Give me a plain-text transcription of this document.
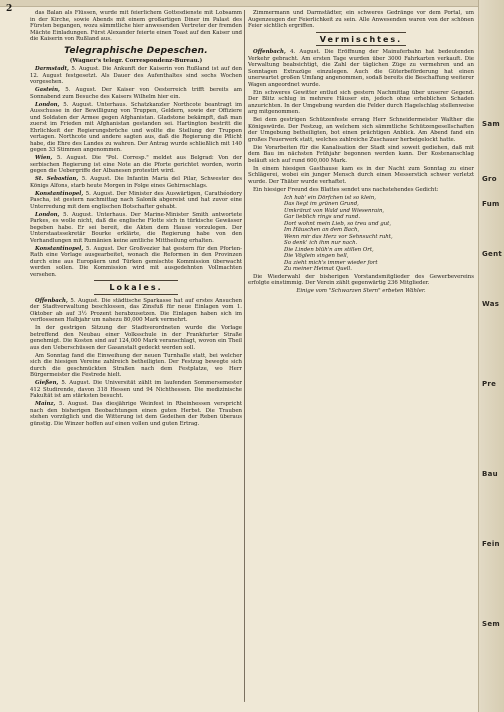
2	das Balan als Flüssen, wurde mit feierlichem Gottesdienste mit Lobsamm in der Kirche, sowie Abends mit einem großartigen Diner im Palast des Fürsten begangen, wozu sämmtliche hier anwesenden Vertreter der fremden Mächte Einladungen. Fürst Alexander feierte einen Toast auf den Kaiser und die Kaiserin von Rußland aus.

Telegraphische Depeschen.
(Wagner's telegr. Correspondenz-Bureau.)

Darmstadt, 5. August. Die Ankunft der Kaiserin von Rußland ist auf den 12. August festgesetzt. Als Dauer des Aufenthaltes sind sechs Wochen vorgesehen.

Gastein, 5. August. Der Kaiser von Oesterreich trifft bereits am Sonnabend zum Besuche des Kaisers Wilhelm hier ein.

London, 5. August. Unterhaus. Schatzkanzler Northcote beantragt im Ausschusse in der Bewilligung von Truppen, Geldern, sowie der Offiziere und Soldaten der Armee gegen Afghanistan. Gladstone bekämpft, daß man zuerst im Frieden mit Afghanistan gestanden sei. Hartington bestritt die Ehrlichkeit der Regierungsbrüche und wollte die Stellung der Truppen vertagen. Northcote und andere sagten aus, daß die Regierung die Pflicht habe, die Ehre des Landes zu wahren. Der Antrag wurde schließlich mit 140 gegen 33 Stimmen angenommen.

Wien, 5. August. Die "Pol. Corresp." meldet aus Belgrad: Von der serbischen Regierung ist eine Note an die Pforte gerichtet worden, worin gegen die Uebergriffe der Albanesen protestirt wird.

St. Sebastian, 5. August. Die Infantin Maria del Pilar, Schwester des Königs Alfons, starb heute Morgen in Folge eines Gehirnschlags.

Konstantinopel, 5. August. Der Minister des Auswärtigen, Carathéodory Pascha, ist gestern nachmittag nach Salonik abgereist und hat zuvor eine Unterredung mit dem englischen Botschafter gehabt.

London, 5. August. Unterhaus. Der Marine-Minister Smith antwortete Parkes, es wolle nicht, daß die englische Flotte sich in türkische Gewässer begeben habe. Er sei bereit, die Akten dem Hause vorzulegen. Der Unterstaatssekretär Bourke erklärte, die Regierung habe von den Verhandlungen mit Rumänien keine amtliche Mittheilung erhalten.

Konstantinopel, 5. August. Der Großvezier hat gestern für den Pforten-Rath eine Vorlage ausgearbeitet, wonach die Reformen in den Provinzen durch eine aus Europäern und Türken gemischte Kommission überwacht werden sollen. Die Kommission wird mit ausgedehnten Vollmachten versehen.

Lokales.

Offenbach, 5. August. Die städtische Sparkasse hat auf erstes Ansuchen der Stadtverwaltung beschlossen, das Zinsfuß für neue Einlagen vom 1. Oktober ab auf 3½ Prozent herabzusetzen. Die Einlagen haben sich im verflossenen Halbjahr um nahezu 80,000 Mark vermehrt.

In der gestrigen Sitzung der Stadtverordneten wurde die Vorlage betreffend den Neubau einer Volksschule in der Frankfurter Straße genehmigt. Die Kosten sind auf 124,000 Mark veranschlagt, wovon ein Theil aus den Ueberschüssen der Gasanstalt gedeckt werden soll.

Am Sonntag fand die Einweihung der neuen Turnhalle statt, bei welcher sich die hiesigen Vereine zahlreich betheiligten. Der Festzug bewegte sich durch die geschmückten Straßen nach dem Festplatze, wo Herr Bürgermeister die Festrede hielt.

Gießen, 5. August. Die Universität zählt im laufenden Sommersemester 412 Studirende, davon 318 Hessen und 94 Nichthessen. Die medizinische Fakultät ist am stärksten besucht.

Mainz, 5. August. Das diesjährige Weinfest in Rheinhessen verspricht nach den bisherigen Beobachtungen einen guten Herbst. Die Trauben stehen vorzüglich und die Witterung ist dem Gedeihen der Reben überaus günstig. Die Winzer hoffen auf einen vollen und guten Ertrag.

Zimmermann und Darmstädter, ein schweres Gedränge vor dem Portal, um Augenzeugen der Feierlichkeit zu sein. Alle Anwesenden waren von der schönen Feier sichtlich ergriffen.

Vermischtes.

Offenbach, 4. August. Die Eröffnung der Mainuferbahn hat bedeutenden Verkehr gebracht. Am ersten Tage wurden über 3000 Fahrkarten verkauft. Die Verwaltung beabsichtigt, die Zahl der täglichen Züge zu vermehren und an Sonntagen Extrazüge einzulegen. Auch die Güterbeförderung hat einen unerwartet großen Umfang angenommen, sodaß bereits die Beschaffung weiterer Wagen angeordnet wurde.

Ein schweres Gewitter entlud sich gestern Nachmittag über unserer Gegend. Der Blitz schlug in mehrere Häuser ein, jedoch ohne erheblichen Schaden anzurichten. In der Umgebung wurden die Felder durch Hagelschlag stellenweise arg mitgenommen.

Bei dem gestrigen Schützenfeste errang Herr Schneidermeister Walther die Königswürde. Der Festzug, an welchem sich sämmtliche Schützengesellschaften der Umgebung betheiligten, bot einen prächtigen Anblick. Am Abend fand ein großes Feuerwerk statt, welches zahlreiche Zuschauer herbeigelockt hatte.

Die Vorarbeiten für die Kanalisation der Stadt sind soweit gediehen, daß mit dem Bau im nächsten Frühjahr begonnen werden kann. Der Kostenanschlag beläuft sich auf rund 600,000 Mark.

In einem hiesigen Gasthause kam es in der Nacht zum Sonntag zu einer Schlägerei, wobei ein junger Mensch durch einen Messerstich schwer verletzt wurde. Der Thäter wurde verhaftet.

Ein hiesiger Freund des Blattes sendet uns nachstehendes Gedicht:

Ich hab' ein Dörfchen ist so klein,
Das liegt im grünen Grund,
Umkränzt von Wald und Wiesenrain,
Gar lieblich rings und rund.
Dort wohnt mein Lieb, so treu und gut,
Im Häuschen an dem Bach,
Wenn mir das Herz vor Sehnsucht ruht,
So denk' ich ihm nur nach.
Die Linden blüh'n am stillen Ort,
Die Vöglein singen hell,
Da zieht mich's immer wieder fort
Zu meiner Heimat Quell.

Die Wiederwahl der bisherigen Vorstandsmitglieder des Gewerbevereins erfolgte einstimmig. Der Verein zählt gegenwärtig 236 Mitglieder.

Einige vom "Schwarzen Stern" erbeten Wähler.
Sam
Gro
Fum
Gent
Was
Pre
Bau
Fein
Sem
